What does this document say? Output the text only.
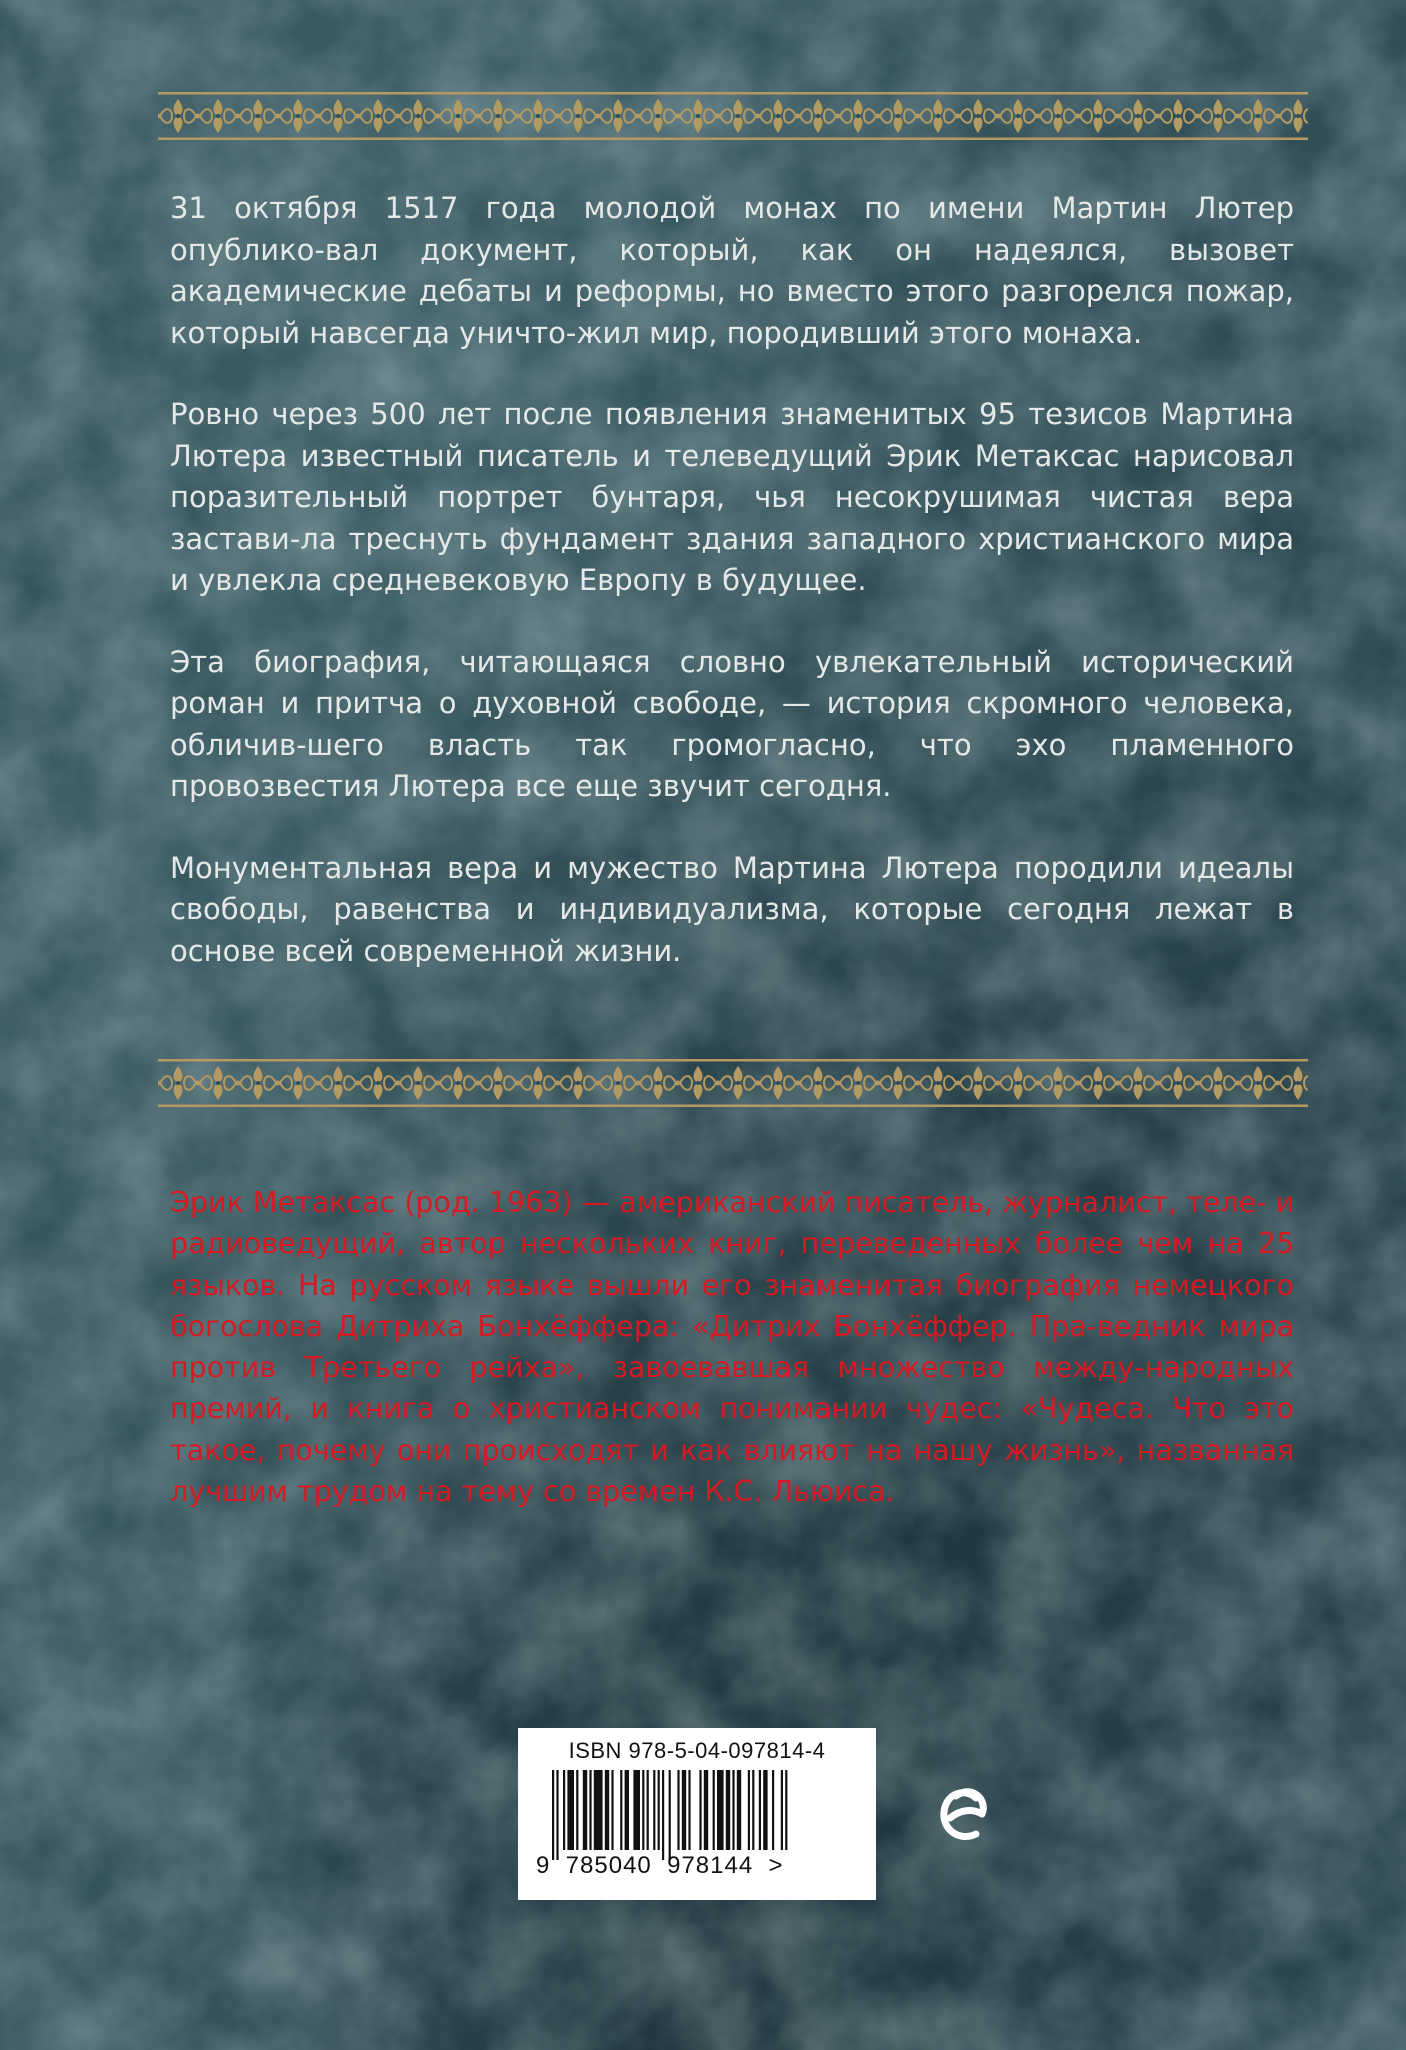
31 октября 1517 года молодой монах по имени Мартин Лютер опублико-вал документ, который, как он надеялся, вызовет академические дебаты и реформы, но вместо этого разгорелся пожар, который навсегда уничто-жил мир, породивший этого монаха.

Ровно через 500 лет после появления знаменитых 95 тезисов Мартина Лютера известный писатель и телеведущий Эрик Метаксас нарисовал поразительный портрет бунтаря, чья несокрушимая чистая вера застави-ла треснуть фундамент здания западного христианского мира и увлекла средневековую Европу в будущее.

Эта биография, читающаяся словно увлекательный исторический роман и притча о духовной свободе, — история скромного человека, обличив-шего власть так громогласно, что эхо пламенного провозвестия Лютера все еще звучит сегодня.

Монументальная вера и мужество Мартина Лютера породили идеалы свободы, равенства и индивидуализма, которые сегодня лежат в основе всей современной жизни.

Эрик Метаксас (род. 1963) — американский писатель, журналист, теле- и радиоведущий, автор нескольких книг, переведенных более чем на 25 языков. На русском языке вышли его знаменитая биография немецкого богослова Дитриха Бонхёффера: «Дитрих Бонхёффер. Пра-ведник мира против Третьего рейха», завоевавшая множество между-народных премий, и книга о христианском понимании чудес: «Чудеса. Что это такое, почему они происходят и как влияют на нашу жизнь», названная лучшим трудом на тему со времен К.С. Льюиса.

ISBN 978-5-04-097814-4
9  785040  978144  >
